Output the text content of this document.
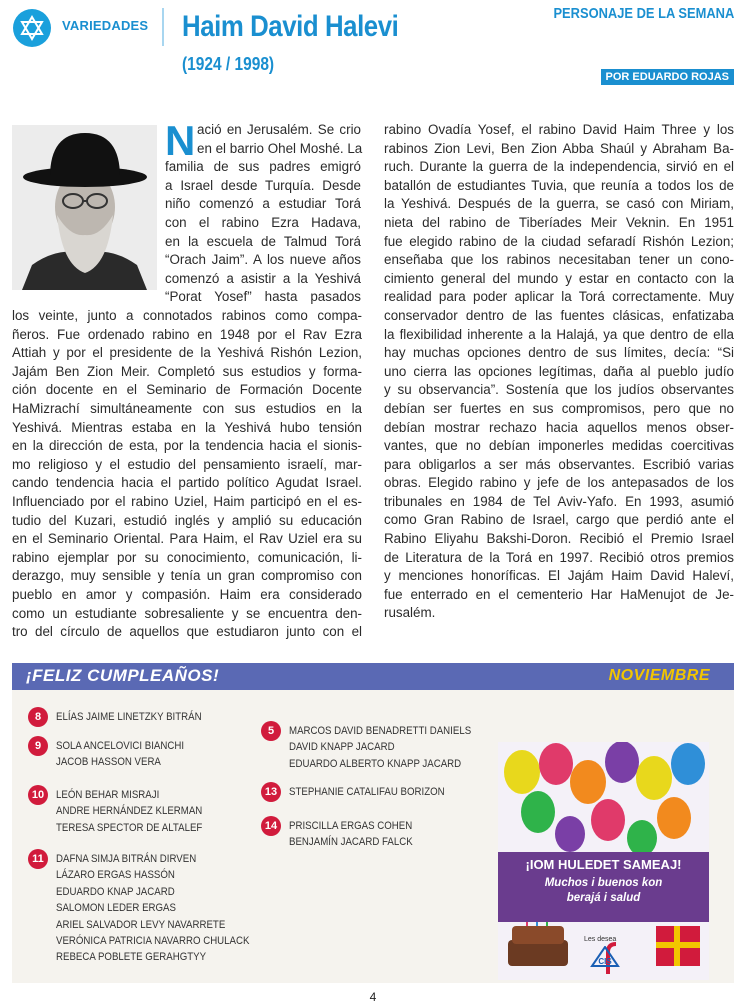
VARIEDADES Haim David Halevi
(1924 / 1998)
PERSONAJE DE LA SEMANA
POR EDUARDO ROJAS
N ació en Jerusalém. Se crio

en el barrio Ohel Moshé. La

familia de sus padres emigró

a Israel desde Turquía. Desde

niño comenzó a estudiar Torá

con el rabino Ezra Hadava,

en la escuela de Talmud Torá

“Orach Jaim”. A los nueve años

comenzó a asistir a la Yeshivá

“Porat Yosef” hasta pasados

los veinte, junto a connotados rabinos como compa-

ñeros. Fue ordenado rabino en 1948 por el Rav Ezra

Attiah y por el presidente de la Yeshivá Rishón Lezion,

Jajám Ben Zion Meir. Completó sus estudios y forma-

ción docente en el Seminario de Formación Docente

HaMizrachí simultáneamente con sus estudios en la

Yeshivá. Mientras estaba en la Yeshivá hubo tensión

en la dirección de esta, por la tendencia hacia el sionis-

mo religioso y el estudio del pensamiento israelí, mar-

cando tendencia hacia el partido político Agudat Israel.

Influenciado por el rabino Uziel, Haim participó en el es-

tudio del Kuzari, estudió inglés y amplió su educación

en el Seminario Oriental. Para Haim, el Rav Uziel era su

rabino ejemplar por su conocimiento, comunicación, li-

derazgo, muy sensible y tenía un gran compromiso con

pueblo en amor y compasión. Haim era considerado

como un estudiante sobresaliente y se encuentra den-

tro del círculo de aquellos que estudiaron junto con el

rabino Ovadía Yosef, el rabino David Haim Three y los

rabinos Zion Levi, Ben Zion Abba Shaúl y Abraham Ba-

ruch. Durante la guerra de la independencia, sirvió en el

batallón de estudiantes Tuvia, que reunía a todos los de

la Yeshivá. Después de la guerra, se casó con Miriam,

nieta del rabino de Tiberíades Meir Veknin. En 1951

fue elegido rabino de la ciudad sefaradí Rishón Lezion;

enseñaba que los rabinos necesitaban tener un cono-

cimiento general del mundo y estar en contacto con la

realidad para poder aplicar la Torá correctamente. Muy

conservador dentro de las fuentes clásicas, enfatizaba

la flexibilidad inherente a la Halajá, ya que dentro de ella

hay muchas opciones dentro de sus límites, decía: “Si

uno cierra las opciones legítimas, daña al pueblo judío

y su observancia”. Sostenía que los judíos observantes

debían ser fuertes en sus compromisos, pero que no

debían mostrar rechazo hacia aquellos menos obser-

vantes, que no debían imponerles medidas coercitivas

para obligarlos a ser más observantes. Escribió varias

obras. Elegido rabino y jefe de los antepasados de los

tribunales en 1984 de Tel Aviv-Yafo. En 1993, asumió

como Gran Rabino de Israel, cargo que perdió ante el

Rabino Eliyahu Bakshi-Doron. Recibió el Premio Israel

de Literatura de la Torá en 1997. Recibió otros premios

y menciones honoríficas. El Jajám Haim David Haleví,

fue enterrado en el cementerio Har HaMenujot de Je-

rusalém.

¡FELIZ CUMPLEAÑOS!	NOVIEMBRE
8	ELÍAS JAIME LINETZKY BITRÁN
9	SOLA ANCELOVICI BIANCHI
JACOB HASSON VERA
10	LEÓN BEHAR MISRAJI
ANDRE HERNÁNDEZ KLERMAN
TERESA SPECTOR DE ALTALEF
11	DAFNA SIMJA BITRÁN DIRVEN
LÁZARO ERGAS HASSÓN
EDUARDO KNAP JACARD
SALOMON LEDER ERGAS
ARIEL SALVADOR LEVY NAVARRETE
VERÓNICA PATRICIA NAVARRO CHULACK
REBECA POBLETE GERAHGTYY
5	MARCOS DAVID BENADRETTI DANIELS
DAVID KNAPP JACARD
EDUARDO ALBERTO KNAPP JACARD
13	STEPHANIE CATALIFAU BORIZON
14	PRISCILLA ERGAS COHEN
BENJAMÍN JACARD FALCK
¡IOM HULEDET SAMEAJ!
Muchos i buenos kon
berajá i salud
Les desea
CIS
4
